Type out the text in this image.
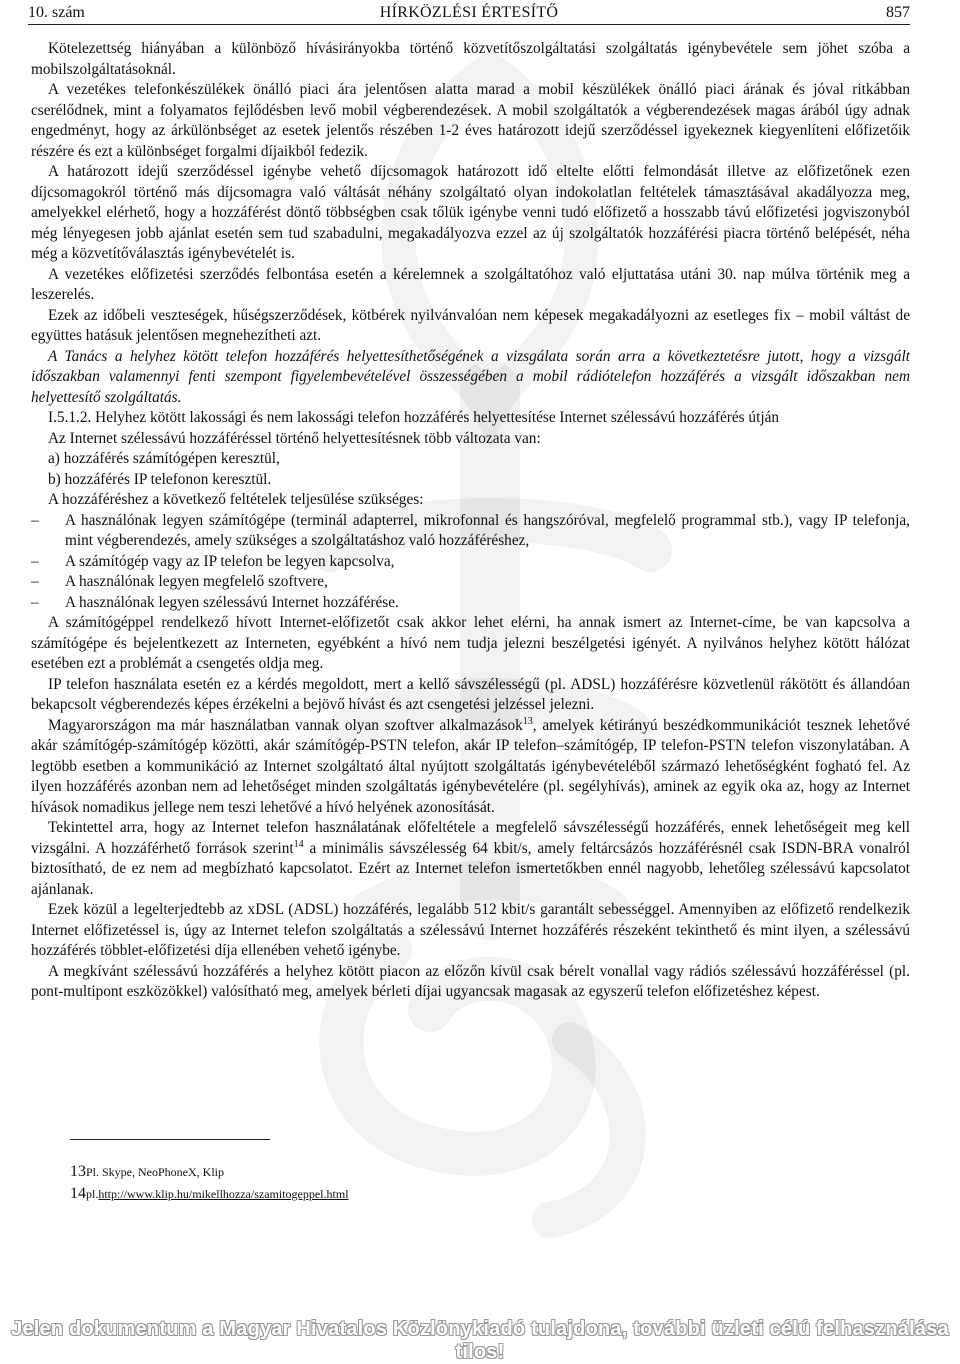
10. szám	HÍRKÖZLÉSI ÉRTESÍTŐ	857

Kötelezettség hiányában a különböző hívásirányokba történő közvetítőszolgáltatási szolgáltatás igénybevétele sem jöhet szóba a mobilszolgáltatásoknál.

A vezetékes telefonkészülékek önálló piaci ára jelentősen alatta marad a mobil készülékek önálló piaci árának és jóval ritkábban cserélődnek, mint a folyamatos fejlődésben levő mobil végberendezések. A mobil szolgáltatók a végberendezések magas árából úgy adnak engedményt, hogy az árkülönbséget az esetek jelentős részében 1-2 éves határozott idejű szerződéssel igyekeznek kiegyenlíteni előfizetőik részére és ezt a különbséget forgalmi díjaikból fedezik.

A határozott idejű szerződéssel igénybe vehető díjcsomagok határozott idő eltelte előtti felmondását illetve az előfizetőnek ezen díjcsomagokról történő más díjcsomagra való váltását néhány szolgáltató olyan indokolatlan feltételek támasztásával akadályozza meg, amelyekkel elérhető, hogy a hozzáférést döntő többségben csak tőlük igénybe venni tudó előfizető a hosszabb távú előfizetési jogviszonyból még lényegesen jobb ajánlat esetén sem tud szabadulni, megakadályozva ezzel az új szolgáltatók hozzáférési piacra történő belépését, néha még a közvetítőválasztás igénybevételét is.

A vezetékes előfizetési szerződés felbontása esetén a kérelemnek a szolgáltatóhoz való eljuttatása utáni 30. nap múlva történik meg a leszerelés.

Ezek az időbeli veszteségek, hűségszerződések, kötbérek nyilvánvalóan nem képesek megakadályozni az esetleges fix – mobil váltást de együttes hatásuk jelentősen megnehezítheti azt.

A Tanács a helyhez kötött telefon hozzáférés helyettesíthetőségének a vizsgálata során arra a következtetésre jutott, hogy a vizsgált időszakban valamennyi fenti szempont figyelembevételével összességében a mobil rádiótelefon hozzáférés a vizsgált időszakban nem helyettesítő szolgáltatás.

I.5.1.2. Helyhez kötött lakossági és nem lakossági telefon hozzáférés helyettesítése Internet szélessávú hozzáférés útján

Az Internet szélessávú hozzáféréssel történő helyettesítésnek több változata van:

a) hozzáférés számítógépen keresztül,

b) hozzáférés IP telefonon keresztül.

A hozzáféréshez a következő feltételek teljesülése szükséges:

– A használónak legyen számítógépe (terminál adapterrel, mikrofonnal és hangszóróval, megfelelő programmal stb.), vagy IP telefonja, mint végberendezés, amely szükséges a szolgáltatáshoz való hozzáféréshez,

– A számítógép vagy az IP telefon be legyen kapcsolva,

– A használónak legyen megfelelő szoftvere,

– A használónak legyen szélessávú Internet hozzáférése.

A számítógéppel rendelkező hívott Internet-előfizetőt csak akkor lehet elérni, ha annak ismert az Internet-címe, be van kapcsolva a számítógépe és bejelentkezett az Interneten, egyébként a hívó nem tudja jelezni beszélgetési igényét. A nyilvános helyhez kötött hálózat esetében ezt a problémát a csengetés oldja meg.

IP telefon használata esetén ez a kérdés megoldott, mert a kellő sávszélességű (pl. ADSL) hozzáférésre közvetlenül rákötött és állandóan bekapcsolt végberendezés képes érzékelni a bejövő hívást és azt csengetési jelzéssel jelezni.

Magyarországon ma már használatban vannak olyan szoftver alkalmazások$^{13}$, amelyek kétirányú beszédkommunikációt tesznek lehetővé akár számítógép-számítógép közötti, akár számítógép-PSTN telefon, akár IP telefon–számítógép, IP telefon-PSTN telefon viszonylatában. A legtöbb esetben a kommunikáció az Internet szolgáltató által nyújtott szolgáltatás igénybevételéből származó lehetőségként fogható fel. Az ilyen hozzáférés azonban nem ad lehetőséget minden szolgáltatás igénybevételére (pl. segélyhívás), aminek az egyik oka az, hogy az Internet hívások nomadikus jellege nem teszi lehetővé a hívó helyének azonosítását.

Tekintettel arra, hogy az Internet telefon használatának előfeltétele a megfelelő sávszélességű hozzáférés, ennek lehetőségeit meg kell vizsgálni. A hozzáférhető források szerint$^{14}$ a minimális sávszélesség 64 kbit/s, amely feltárcsázós hozzáférésnél csak ISDN-BRA vonalról biztosítható, de ez nem ad megbízható kapcsolatot. Ezért az Internet telefon ismertetőkben ennél nagyobb, lehetőleg szélessávú kapcsolatot ajánlanak.

Ezek közül a legelterjedtebb az xDSL (ADSL) hozzáférés, legalább 512 kbit/s garantált sebességgel. Amennyiben az előfizető rendelkezik Internet előfizetéssel is, úgy az Internet telefon szolgáltatás a szélessávú Internet hozzáférés részeként tekinthető és mint ilyen, a szélessávú hozzáférés többlet-előfizetési díja ellenében vehető igénybe.

A megkívánt szélessávú hozzáférés a helyhez kötött piacon az előzőn kívül csak bérelt vonallal vagy rádiós szélessávú hozzáféréssel (pl. pont-multipont eszközökkel) valósítható meg, amelyek bérleti díjai ugyancsak magasak az egyszerű telefon előfizetéshez képest.

13Pl. Skype, NeoPhoneX, Klip
14pl.http://www.klip.hu/mikellhozza/szamitogeppel.html
Jelen dokumentum a Magyar Hivatalos Közlönykiadó tulajdona, további üzleti célú felhasználása tilos!
